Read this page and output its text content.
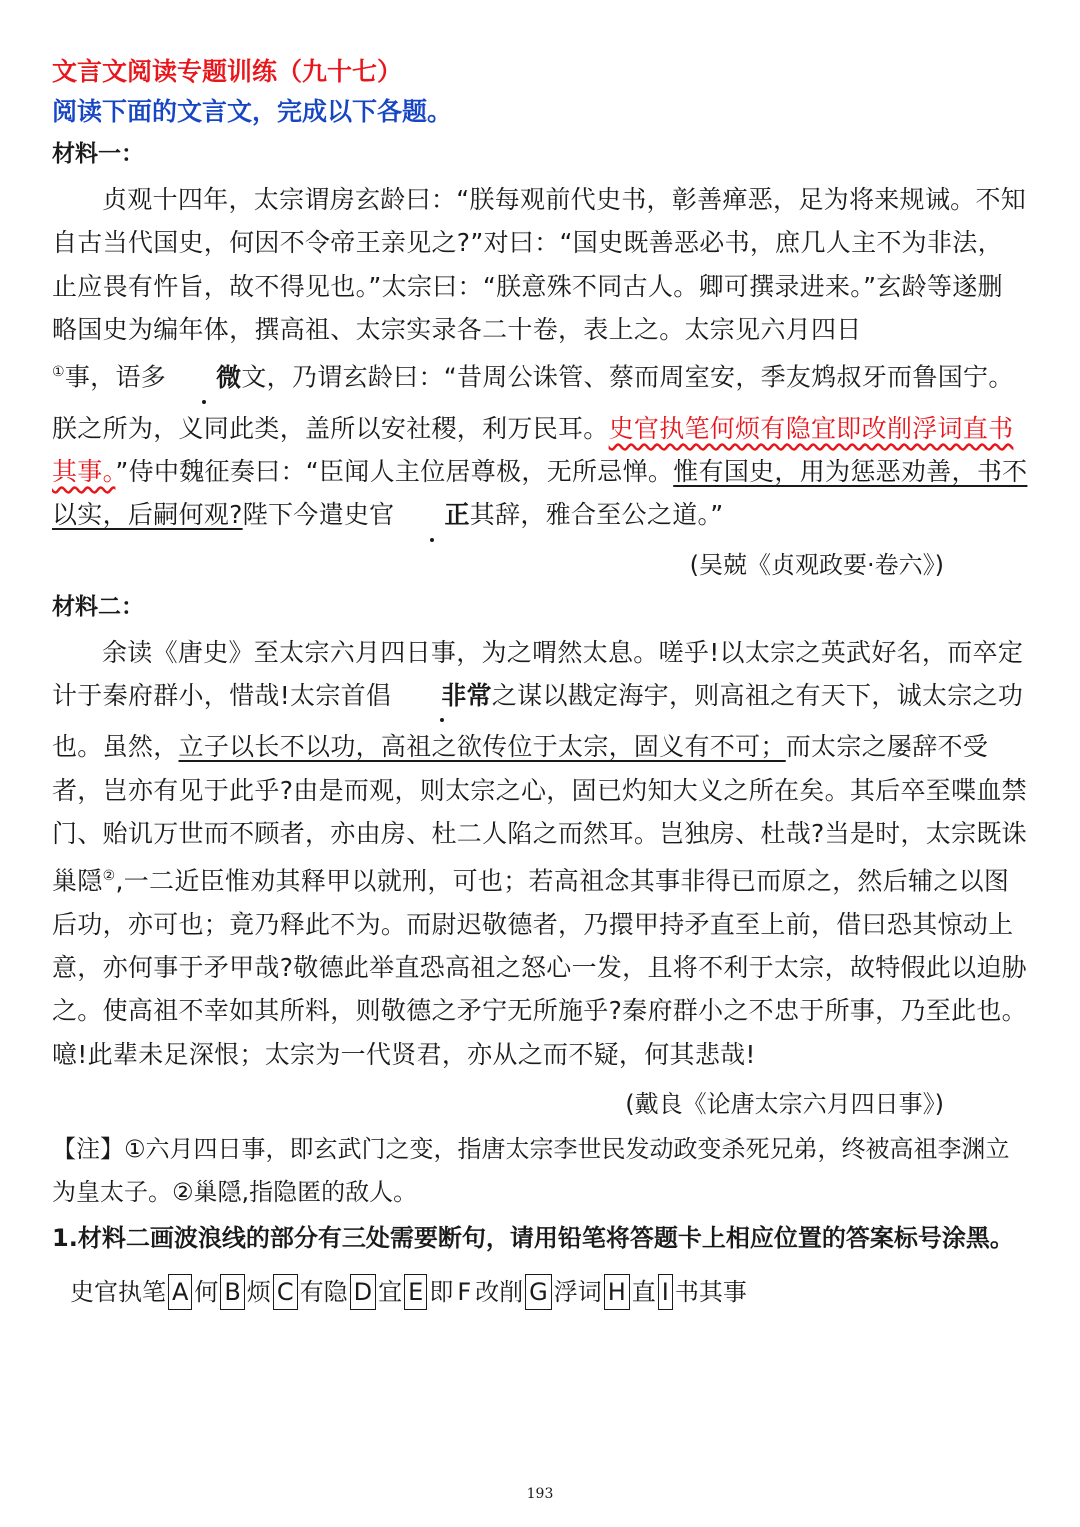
文言文阅读专题训练（九十七）
阅读下面的文言文，完成以下各题。
材料一：

贞观十四年，太宗谓房玄龄曰：“朕每观前代史书，彰善瘅恶，足为将来规诫。不知自古当代国史，何因不令帝王亲见之?”对曰：“国史既善恶必书，庶几人主不为非法，止应畏有忤旨，故不得见也。”太宗曰：“朕意殊不同古人。卿可撰录进来。”玄龄等遂删略国史为编年体，撰高祖、太宗实录各二十卷，表上之。太宗见六月四日
①事，语多 微文，乃谓玄龄曰：“昔周公诛管、蔡而周室安，季友鸩叔牙而鲁国宁。
朕之所为，义同此类，盖所以安社稷，利万民耳。史官执笔何烦有隐宜即改削浮词直书其事。”侍中魏征奏曰：“臣闻人主位居尊极，无所忌惮。惟有国史，用为惩恶劝善，书不以实，后嗣何观?陛下今遣史官 正其辞，雅合至公之道。”

(吴兢《贞观政要·卷六》)
材料二：

余读《唐史》至太宗六月四日事，为之喟然太息。嗟乎!以太宗之英武好名，而卒定计于秦府群小，惜哉!太宗首倡 非常之谋以戡定海宇，则高祖之有天下，诚太宗之功
也。虽然，立子以长不以功，高祖之欲传位于太宗，固义有不可；而太宗之屡辞不受者，岂亦有见于此乎?由是而观，则太宗之心，固已灼知大义之所在矣。其后卒至喋血禁门、贻讥万世而不顾者，亦由房、杜二人陷之而然耳。岂独房、杜哉?当是时，太宗既诛巢隠②,一二近臣惟劝其释甲以就刑，可也；若高祖念其事非得已而原之，然后辅之以图后功，亦可也；竟乃释此不为。而尉迟敬德者，乃擐甲持矛直至上前，借曰恐其惊动上意，亦何事于矛甲哉?敬德此举直恐高祖之怒心一发，且将不利于太宗，故特假此以迫胁之。使高祖不幸如其所料，则敬德之矛宁无所施乎?秦府群小之不忠于所事，乃至此也。噫!此辈未足深恨；太宗为一代贤君，亦从之而不疑，何其悲哉!

(戴良《论唐太宗六月四日事》)
【注】①六月四日事，即玄武门之变，指唐太宗李世民发动政变杀死兄弟，终被高祖李渊立为皇太子。②巢隠,指隐匿的敌人。
1.材料二画波浪线的部分有三处需要断句，请用铅笔将答题卡上相应位置的答案标号涂黑。
史官执笔 A 何 B 烦 C 有隐 D 宜 E 即 F 改削 G 浮词 H 直 I 书其事
193
